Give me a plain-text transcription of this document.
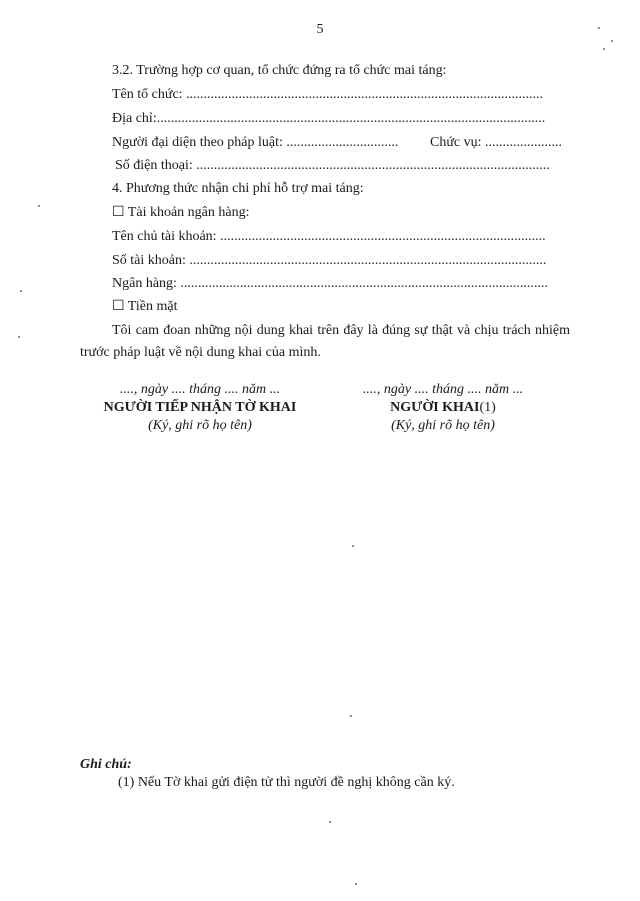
5
3.2. Trường hợp cơ quan, tổ chức đứng ra tổ chức mai táng:
Tên tổ chức: ......................................................................................................
Địa chỉ:...............................................................................................................
Người đại diện theo pháp luật: ................................ Chức vụ: ......................
Số điện thoại: .....................................................................................................
4. Phương thức nhận chi phí hỗ trợ mai táng:
☐ Tài khoản ngân hàng:
Tên chủ tài khoản: .............................................................................................
Số tài khoản: ......................................................................................................
Ngân hàng: .........................................................................................................
☐ Tiền mặt
Tôi cam đoan những nội dung khai trên đây là đúng sự thật và chịu trách nhiệm trước pháp luật về nội dung khai của mình.
...., ngày .... tháng .... năm ...
NGƯỜI TIẾP NHẬN TỜ KHAI
(Ký, ghi rõ họ tên)
...., ngày .... tháng .... năm ...
NGƯỜI KHAI(1)
(Ký, ghi rõ họ tên)
Ghi chú:
(1) Nếu Tờ khai gửi điện tử thì người đề nghị không cần ký.
